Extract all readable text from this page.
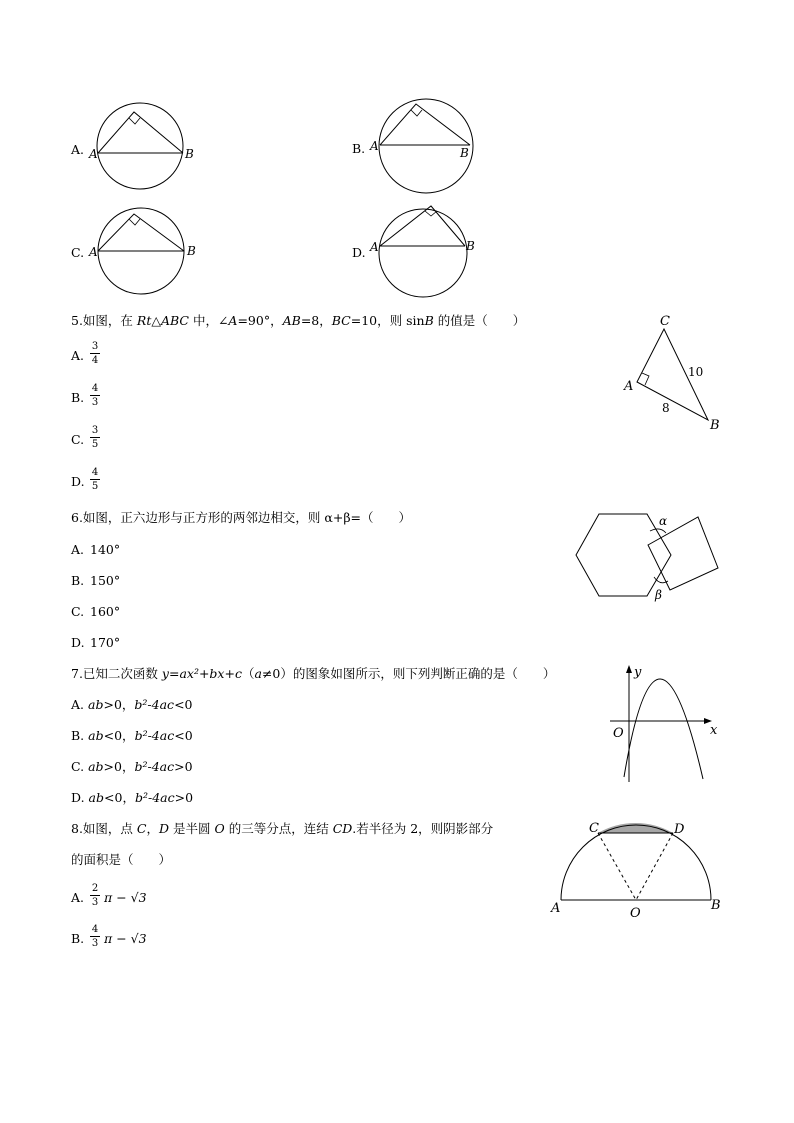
A. A	B	B. A	B
C. A	B	D. A	B
5.如图，在 Rt△ABC 中，∠A=90°，AB=8，BC=10，则 sinB 的值是（　　）
A.
3
4
B.
4
3
C.
3
5
D.
4
5
C
A
B
10
8
6.如图，正六边形与正方形的两邻边相交，则 α+β=（　　）
A. 140°
B. 150°
C. 160°
D. 170°
α
β
7.已知二次函数 y=ax²+bx+c（a≠0）的图象如图所示，则下列判断正确的是（　　）
A. ab>0，b²-4ac<0
B. ab<0，b²-4ac<0
C. ab>0，b²-4ac>0
D. ab<0，b²-4ac>0
y
x
O
8.如图，点 C，D 是半圆 O 的三等分点，连结 CD.若半径为 2，则阴影部分
的面积是（　　）
A.
2
3 π − √3
B.
4
3 π − √3
C	D
A	O
B
